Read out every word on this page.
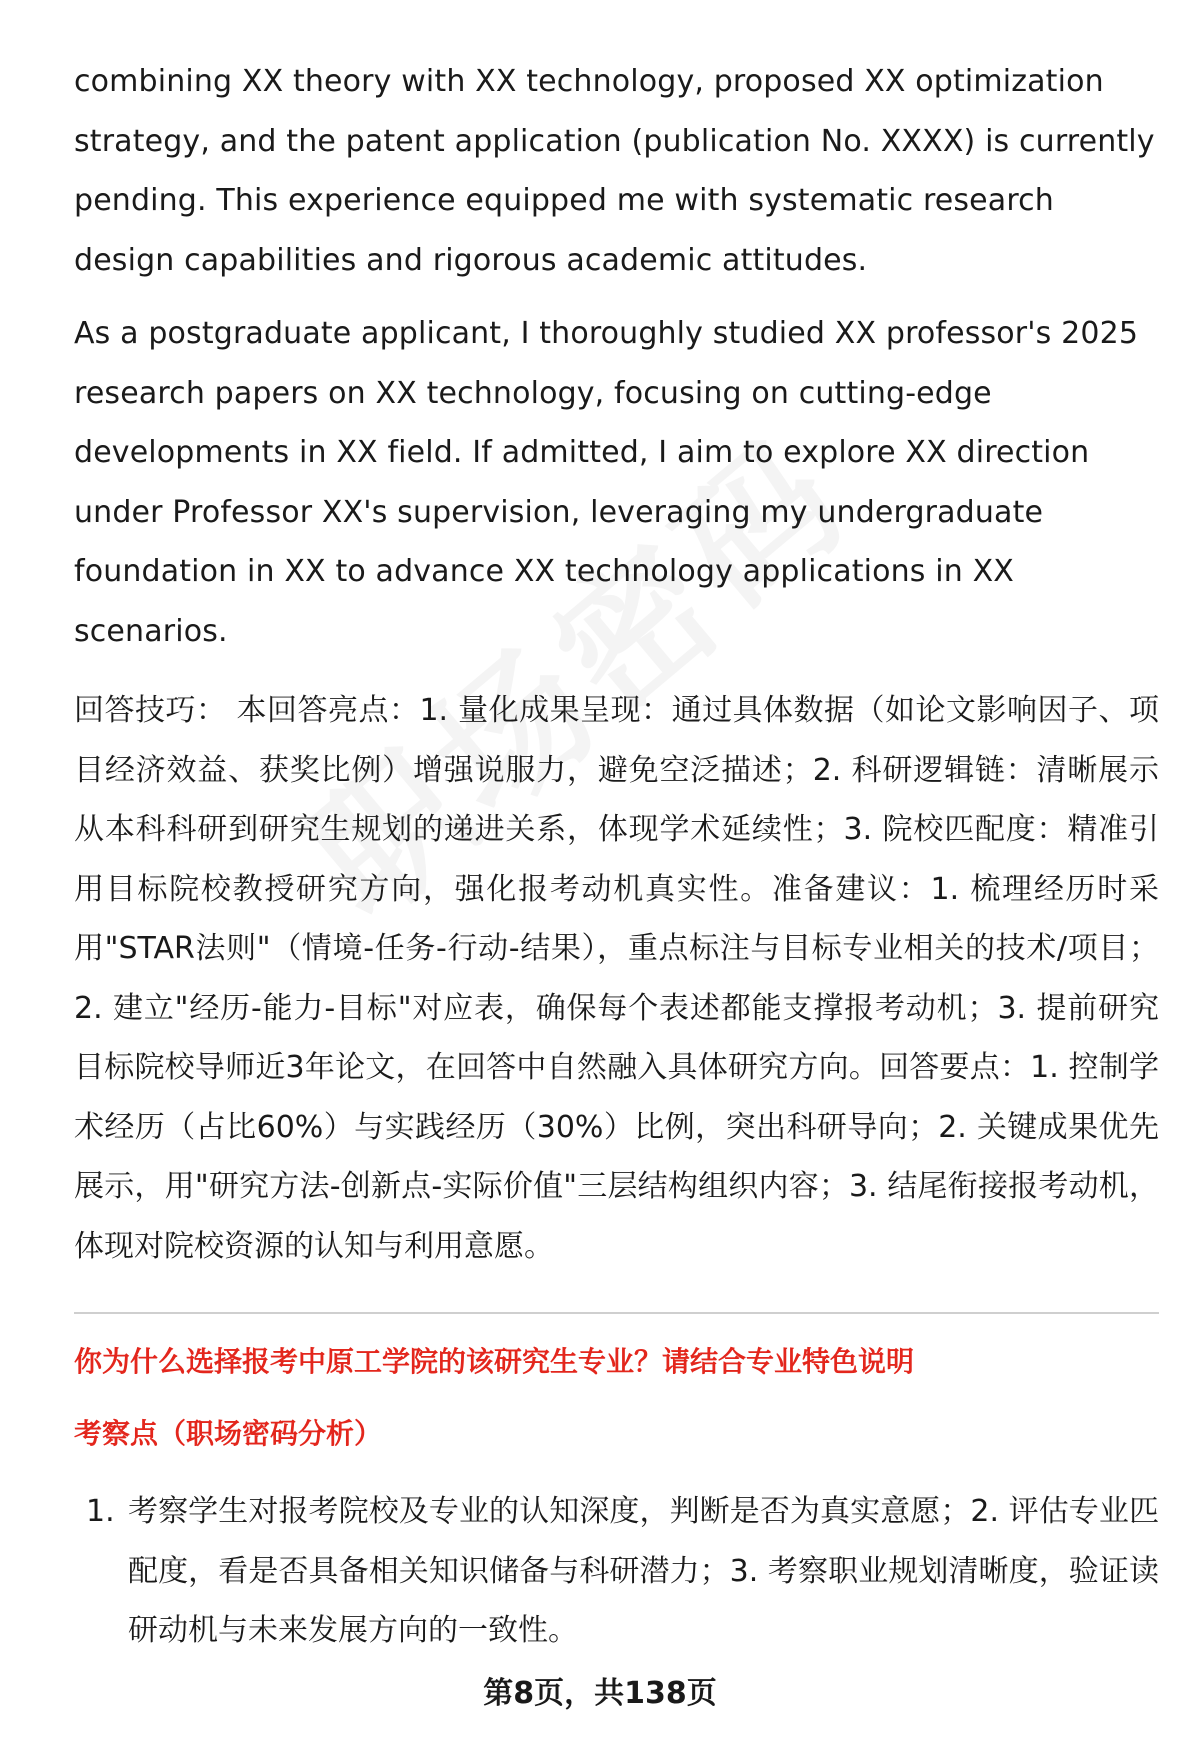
combining XX theory with XX technology, proposed XX optimization strategy, and the patent application (publication No. XXXX) is currently pending. This experience equipped me with systematic research design capabilities and rigorous academic attitudes.

As a postgraduate applicant, I thoroughly studied XX professor's 2025 research papers on XX technology, focusing on cutting-edge developments in XX field. If admitted, I aim to explore XX direction under Professor XX's supervision, leveraging my undergraduate foundation in XX to advance XX technology applications in XX scenarios.

回答技巧： 本回答亮点：1. 量化成果呈现：通过具体数据（如论文影响因子、项目经济效益、获奖比例）增强说服力，避免空泛描述；2. 科研逻辑链：清晰展示从本科科研到研究生规划的递进关系，体现学术延续性；3. 院校匹配度：精准引用目标院校教授研究方向，强化报考动机真实性。准备建议：1. 梳理经历时采用"STAR法则"（情境-任务-行动-结果），重点标注与目标专业相关的技术/项目；2. 建立"经历-能力-目标"对应表，确保每个表述都能支撑报考动机；3. 提前研究目标院校导师近3年论文，在回答中自然融入具体研究方向。回答要点：1. 控制学术经历（占比60%）与实践经历（30%）比例，突出科研导向；2. 关键成果优先展示，用"研究方法-创新点-实际价值"三层结构组织内容；3. 结尾衔接报考动机，体现对院校资源的认知与利用意愿。

你为什么选择报考中原工学院的该研究生专业？请结合专业特色说明
考察点（职场密码分析）
1. 考察学生对报考院校及专业的认知深度，判断是否为真实意愿；2. 评估专业匹配度，看是否具备相关知识储备与科研潜力；3. 考察职业规划清晰度，验证读研动机与未来发展方向的一致性。
第8页，共138页
